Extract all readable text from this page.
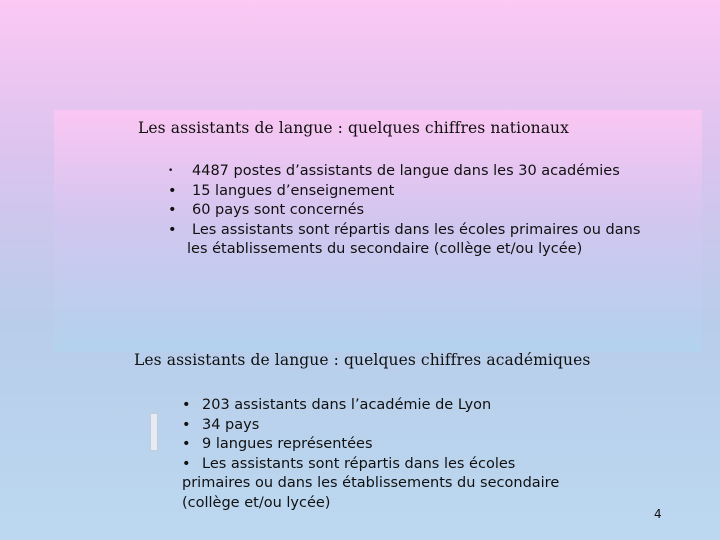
Les assistants de langue : quelques chiffres nationaux
•	4487 postes d’assistants de langue dans les 30 académies
•	15 langues d’enseignement
•	60 pays sont concernés
•	Les assistants sont répartis dans les écoles primaires ou dans
les établissements du secondaire (collège et/ou lycée)
Les assistants de langue : quelques chiffres académiques
• 203 assistants dans l’académie de Lyon
• 34 pays
• 9 langues représentées
• Les assistants sont répartis dans les écoles
primaires ou dans les établissements du secondaire
(collège et/ou lycée)
4
